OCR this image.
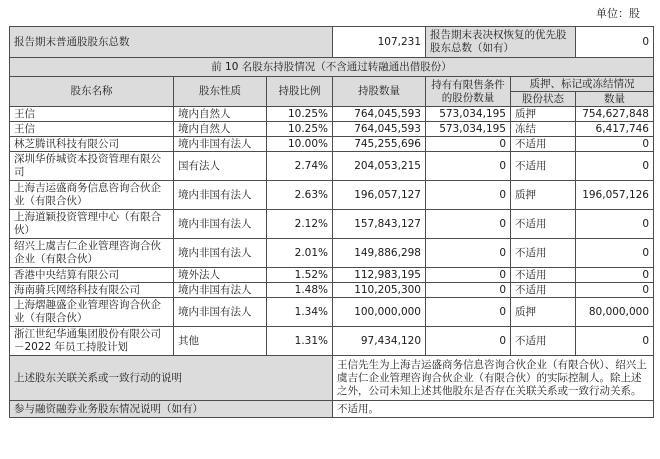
单位：股
报告期末普通股股东总数			107,231	报告期末表决权恢复的优先股股东总数（如有）		0
前 10 名股东持股情况（不含通过转融通出借股份）						
股东名称	股东性质	持股比例	持股数量	持有有限售条件的股份数量	质押、标记或冻结情况	
					股份状态	数量
王信	境内自然人	10.25%	764,045,593	573,034,195	质押	754,627,848
王信	境内自然人	10.25%	764,045,593	573,034,195	冻结	6,417,746
林芝腾讯科技有限公司	境内非国有法人	10.00%	745,255,696	0	不适用	0
深圳华侨城资本投资管理有限公司	国有法人	2.74%	204,053,215	0	不适用	0
上海吉运盛商务信息咨询合伙企业（有限合伙）	境内非国有法人	2.63%	196,057,127	0	质押	196,057,126
上海道颖投资管理中心（有限合伙）	境内非国有法人	2.12%	157,843,127	0	不适用	0
绍兴上虞吉仁企业管理咨询合伙企业（有限合伙）	境内非国有法人	2.01%	149,886,298	0	不适用	0
香港中央结算有限公司	境外法人	1.52%	112,983,195	0	不适用	0
海南骑兵网络科技有限公司	境内非国有法人	1.48%	110,205,300	0	不适用	0
上海熠趣盛企业管理咨询合伙企业（有限合伙）	境内非国有法人	1.34%	100,000,000	0	质押	80,000,000
浙江世纪华通集团股份有限公司－2022 年员工持股计划	其他	1.31%	97,434,120	0	不适用	0
上述股东关联关系或一致行动的说明			王信先生为上海吉运盛商务信息咨询合伙企业（有限合伙）、绍兴上虞吉仁企业管理咨询合伙企业（有限合伙）的实际控制人。除上述之外，公司未知上述其他股东是否存在关联关系或一致行动关系。			
参与融资融券业务股东情况说明（如有）			不适用。			
